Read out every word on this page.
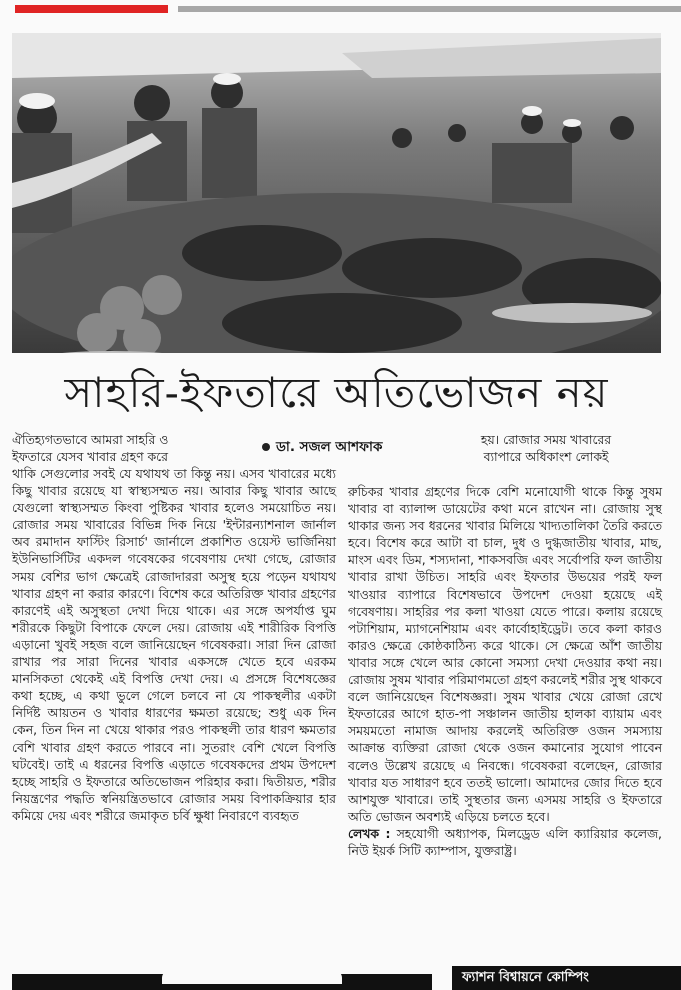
সাহরি-ইফতারে অতিভোজন নয়

ঐতিহ্যগতভাবে আমরা সাহরি ও

ইফতারে যেসব খাবার গ্রহণ করে

ডা. সজল আশফাক	হয়। রোজার সময় খাবারের

ব্যাপারে অধিকাংশ লোকই

থাকি সেগুলোর সবই যে যথাযথ তা কিন্তু নয়। এসব খাবারের মধ্যে কিছু খাবার রয়েছে যা স্বাস্থ্যসম্মত নয়। আবার কিছু খাবার আছে যেগুলো স্বাস্থ্যসম্মত কিংবা পুষ্টিকর খাবার হলেও সময়োচিত নয়। রোজার সময় খাবারের বিভিন্ন দিক নিয়ে 'ইন্টারন্যাশনাল জার্নাল অব রমাদান ফাস্টিং রিসার্চ' জার্নালে প্রকাশিত ওয়েস্ট ভার্জিনিয়া ইউনিভার্সিটির একদল গবেষকের গবেষণায় দেখা গেছে, রোজার সময় বেশির ভাগ ক্ষেত্রেই রোজাদাররা অসুস্থ হয়ে পড়েন যথাযথ খাবার গ্রহণ না করার কারণে। বিশেষ করে অতিরিক্ত খাবার গ্রহণের কারণেই এই অসুস্থতা দেখা দিয়ে থাকে। এর সঙ্গে অপর্যাপ্ত ঘুম শরীরকে কিছুটা বিপাকে ফেলে দেয়। রোজায় এই শারীরিক বিপত্তি এড়ানো খুবই সহজ বলে জানিয়েছেন গবেষকরা। সারা দিন রোজা রাখার পর সারা দিনের খাবার একসঙ্গে খেতে হবে এরকম মানসিকতা থেকেই এই বিপত্তি দেখা দেয়। এ প্রসঙ্গে বিশেষজ্ঞের কথা হচ্ছে, এ কথা ভুলে গেলে চলবে না যে পাকস্থলীর একটা নির্দিষ্ট আয়তন ও খাবার ধারণের ক্ষমতা রয়েছে; শুধু এক দিন কেন, তিন দিন না খেয়ে থাকার পরও পাকস্থলী তার ধারণ ক্ষমতার বেশি খাবার গ্রহণ করতে পারবে না। সুতরাং বেশি খেলে বিপত্তি ঘটবেই। তাই এ ধরনের বিপত্তি এড়াতে গবেষকদের প্রথম উপদেশ হচ্ছে সাহরি ও ইফতারে অতিভোজন পরিহার করা। দ্বিতীয়ত, শরীর নিয়ন্ত্রণের পদ্ধতি স্বনিয়ন্ত্রিতভাবে রোজার সময় বিপাকক্রিয়ার হার কমিয়ে দেয় এবং শরীরে জমাকৃত চর্বি ক্ষুধা নিবারণে ব্যবহৃত

রুচিকর খাবার গ্রহণের দিকে বেশি মনোযোগী থাকে কিন্তু সুষম খাবার বা ব্যালান্স ডায়েটের কথা মনে রাখেন না। রোজায় সুস্থ থাকার জন্য সব ধরনের খাবার মিলিয়ে খাদ্যতালিকা তৈরি করতে হবে। বিশেষ করে আটা বা চাল, দুধ ও দুগ্ধজাতীয় খাবার, মাছ, মাংস এবং ডিম, শস্যদানা, শাকসবজি এবং সর্বোপরি ফল জাতীয় খাবার রাখা উচিত। সাহরি এবং ইফতার উভয়ের পরই ফল খাওয়ার ব্যাপারে বিশেষভাবে উপদেশ দেওয়া হয়েছে এই গবেষণায়। সাহরির পর কলা খাওয়া যেতে পারে। কলায় রয়েছে পটাশিয়াম, ম্যাগনেশিয়াম এবং কার্বোহাইড্রেট। তবে কলা কারও কারও ক্ষেত্রে কোষ্ঠকাঠিন্য করে থাকে। সে ক্ষেত্রে আঁশ জাতীয় খাবার সঙ্গে খেলে আর কোনো সমস্যা দেখা দেওয়ার কথা নয়। রোজায় সুষম খাবার পরিমাণমতো গ্রহণ করলেই শরীর সুস্থ থাকবে বলে জানিয়েছেন বিশেষজ্ঞরা। সুষম খাবার খেয়ে রোজা রেখে ইফতারের আগে হাত-পা সঞ্চালন জাতীয় হালকা ব্যায়াম এবং সময়মতো নামাজ আদায় করলেই অতিরিক্ত ওজন সমস্যায় আক্রান্ত ব্যক্তিরা রোজা থেকে ওজন কমানোর সুযোগ পাবেন বলেও উল্লেখ রয়েছে এ নিবন্ধে। গবেষকরা বলেছেন, রোজার খাবার যত সাধারণ হবে ততই ভালো। আমাদের জোর দিতে হবে আশযুক্ত খাবারে। তাই সুস্থতার জন্য এসময় সাহরি ও ইফতারে অতি ভোজন অবশ্যই এড়িয়ে চলতে হবে।

লেখক : সহযোগী অধ্যাপক, মিলড্রেড এলি ক্যারিয়ার কলেজ, নিউ ইয়র্ক সিটি ক্যাম্পাস, যুক্তরাষ্ট্র।

ফ্যাশন বিশ্বায়নে কোম্পিং
